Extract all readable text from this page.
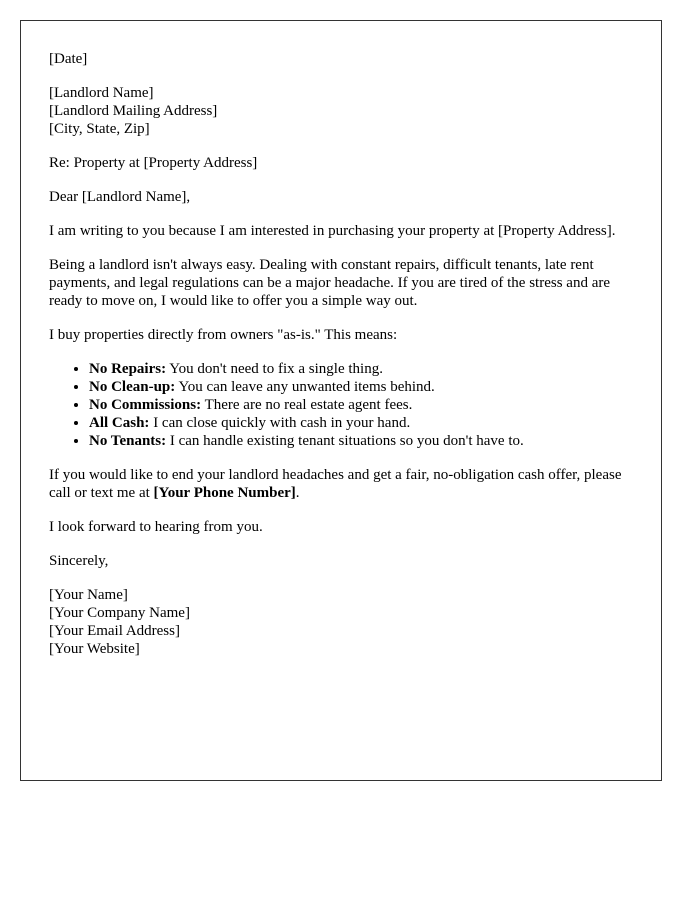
[Date]

[Landlord Name]
[Landlord Mailing Address]
[City, State, Zip]

Re: Property at [Property Address]

Dear [Landlord Name],

I am writing to you because I am interested in purchasing your property at [Property Address].

Being a landlord isn't always easy. Dealing with constant repairs, difficult tenants, late rent payments, and legal regulations can be a major headache. If you are tired of the stress and are ready to move on, I would like to offer you a simple way out.

I buy properties directly from owners "as-is." This means:

• No Repairs: You don't need to fix a single thing.
• No Clean-up: You can leave any unwanted items behind.
• No Commissions: There are no real estate agent fees.
• All Cash: I can close quickly with cash in your hand.
• No Tenants: I can handle existing tenant situations so you don't have to.

If you would like to end your landlord headaches and get a fair, no-obligation cash offer, please call or text me at [Your Phone Number].

I look forward to hearing from you.

Sincerely,

[Your Name]
[Your Company Name]
[Your Email Address]
[Your Website]
